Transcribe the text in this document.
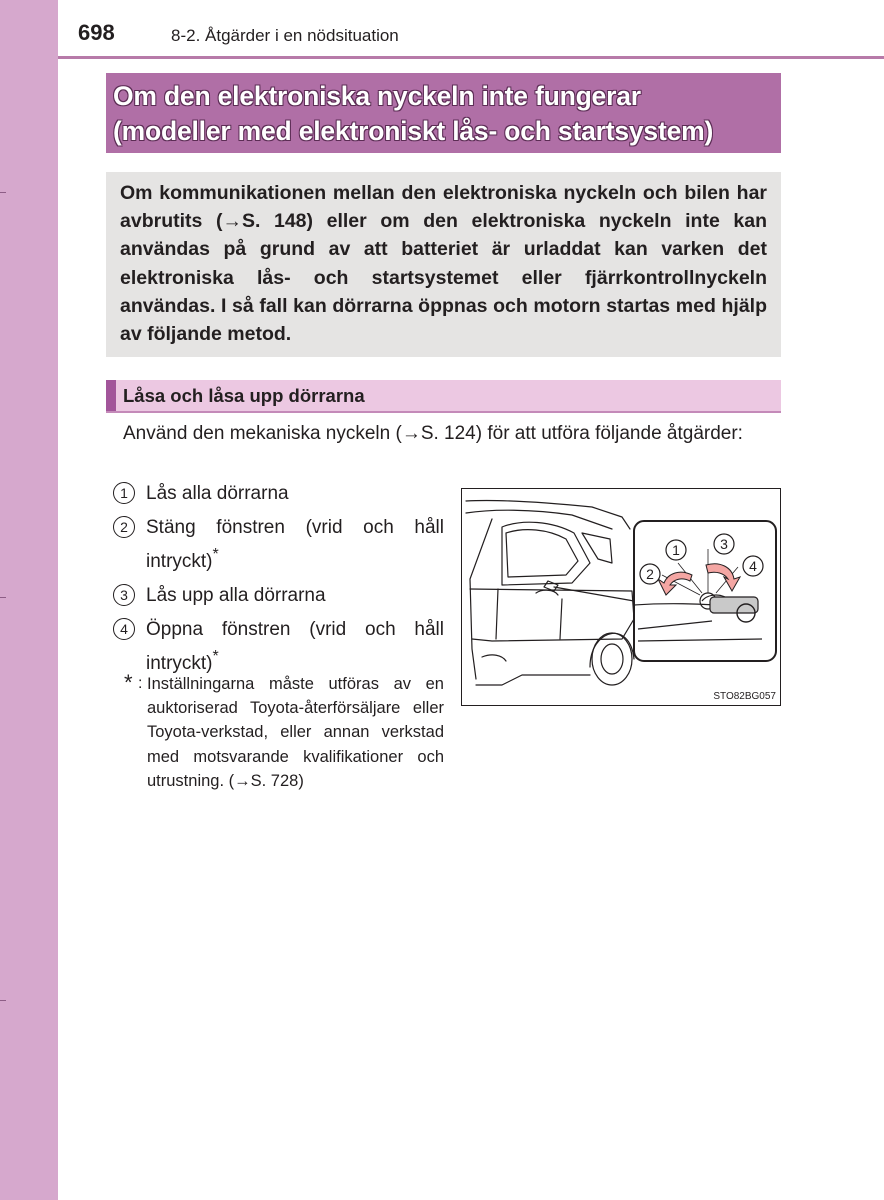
698	8-2. Åtgärder i en nödsituation
Om den elektroniska nyckeln inte fungerar
(modeller med elektroniskt lås- och startsystem)

Om kommunikationen mellan den elektroniska nyckeln och bilen har avbrutits (→S. 148) eller om den elektroniska nyckeln inte kan användas på grund av att batteriet är urladdat kan varken det elektroniska lås- och startsystemet eller fjärrkontrollnyckeln användas. I så fall kan dörrarna öppnas och motorn startas med hjälp av följande metod.

Låsa och låsa upp dörrarna

Använd den mekaniska nyckeln (→S. 124) för att utföra följande åtgärder:

1 Lås alla dörrarna
2 Stäng fönstren (vrid och håll
intryckt)*
3 Lås upp alla dörrarna
4 Öppna fönstren (vrid och håll
intryckt)*
* : Inställningarna måste utföras av en auktoriserad Toyota-återförsäljare eller Toyota-verkstad, eller annan verkstad med motsvarande kvalifikationer och utrustning. (→S. 728)

1
2
3
4
STO82BG057
